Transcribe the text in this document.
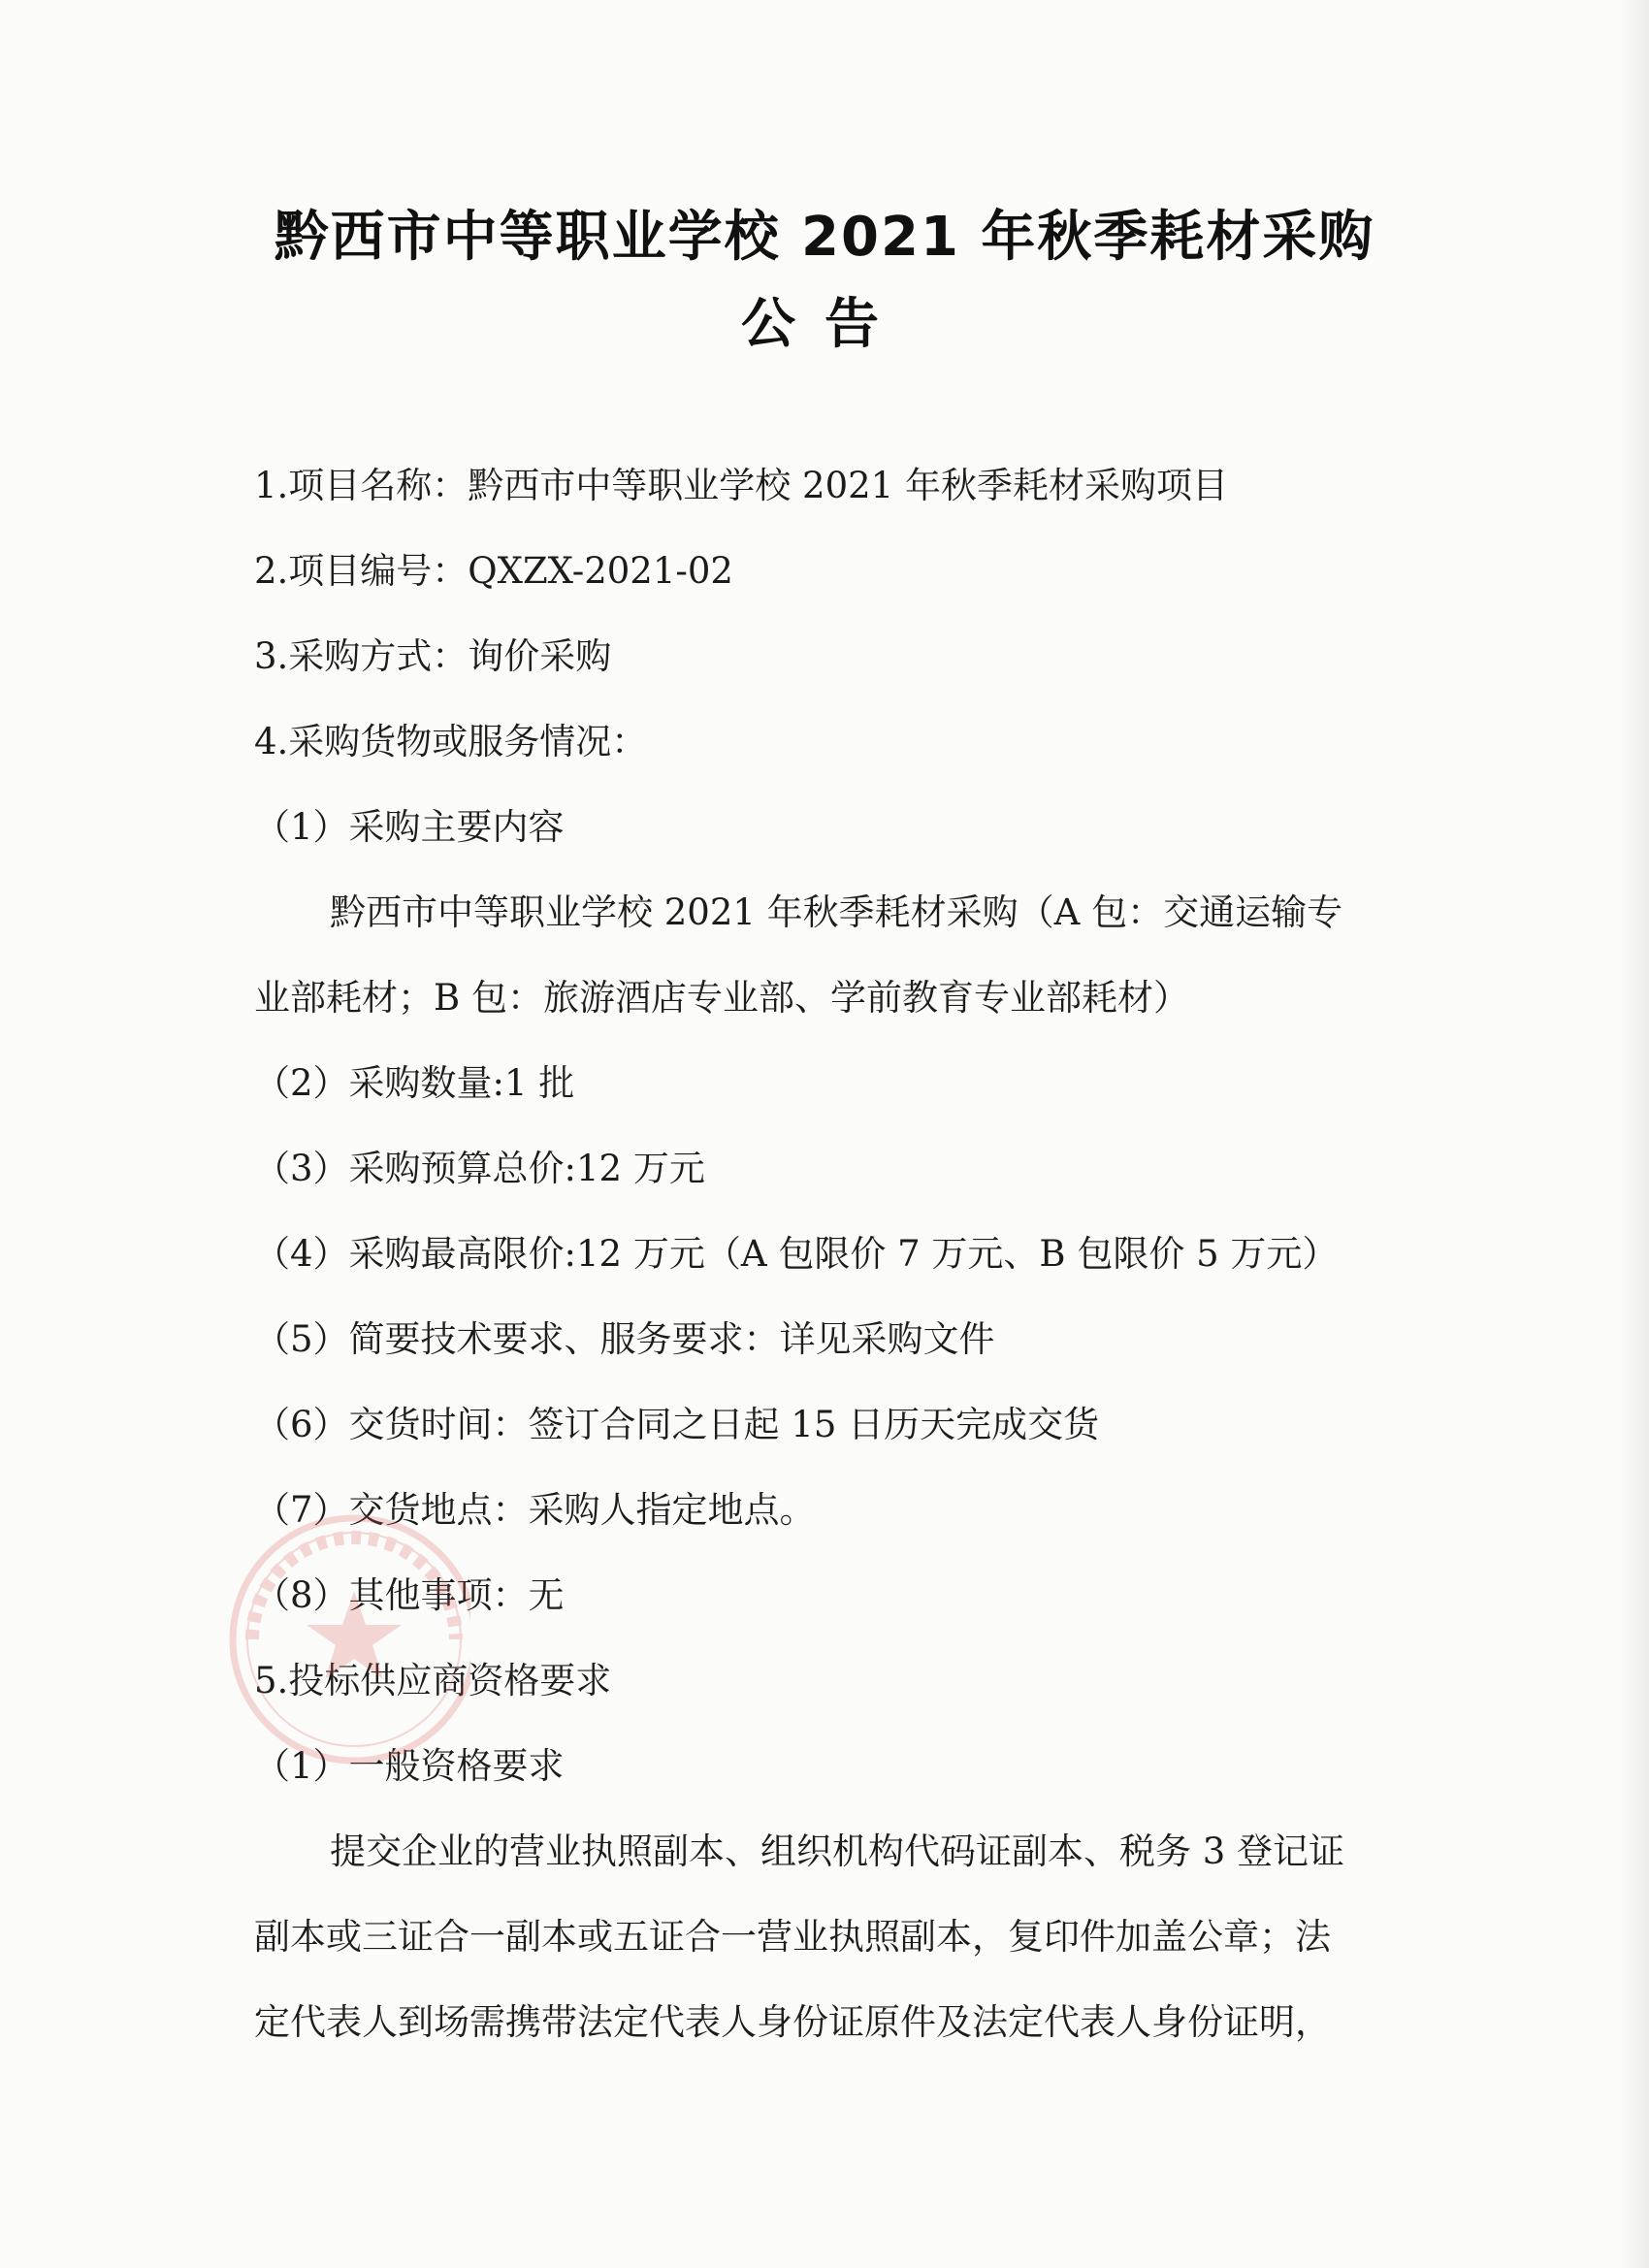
黔西市中等职业学校 2021 年秋季耗材采购
公告
1.项目名称：黔西市中等职业学校 2021 年秋季耗材采购项目
2.项目编号：QXZX-2021-02
3.采购方式：询价采购
4.采购货物或服务情况：
（1）采购主要内容
黔西市中等职业学校 2021 年秋季耗材采购（A 包：交通运输专
业部耗材；B 包：旅游酒店专业部、学前教育专业部耗材）
（2）采购数量:1 批
（3）采购预算总价:12 万元
（4）采购最高限价:12 万元（A 包限价 7 万元、B 包限价 5 万元）
（5）简要技术要求、服务要求：详见采购文件
（6）交货时间：签订合同之日起 15 日历天完成交货
（7）交货地点：采购人指定地点。
（8）其他事项：无
5.投标供应商资格要求
（1）一般资格要求
提交企业的营业执照副本、组织机构代码证副本、税务 3 登记证
副本或三证合一副本或五证合一营业执照副本，复印件加盖公章；法
定代表人到场需携带法定代表人身份证原件及法定代表人身份证明，
